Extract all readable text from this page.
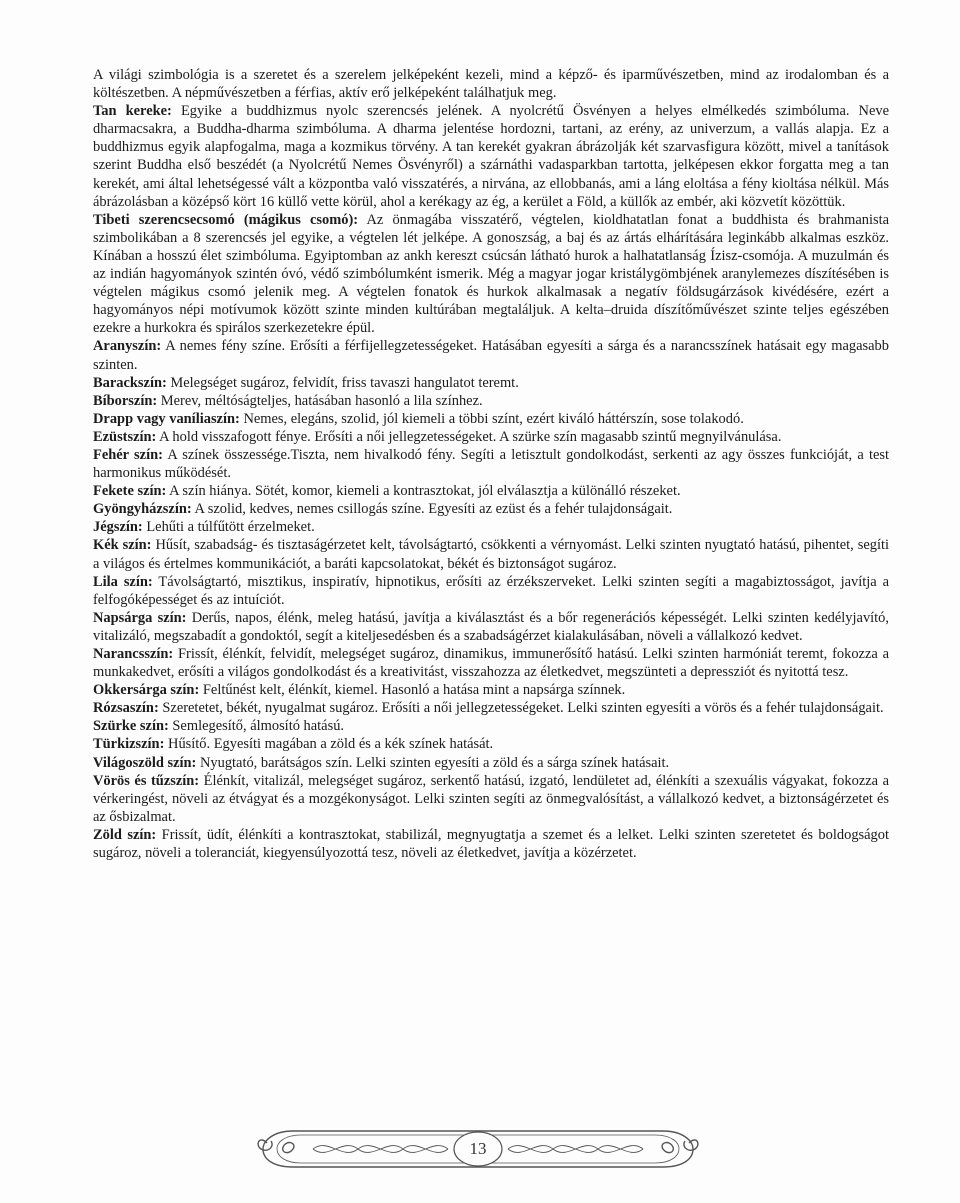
A világi szimbológia is a szeretet és a szerelem jelképeként kezeli, mind a képző- és iparművészetben, mind az irodalomban és a költészetben. A népművészetben a férfias, aktív erő jelképeként találhatjuk meg.

Tan kereke: Egyike a buddhizmus nyolc szerencsés jelének. A nyolcrétű Ösvényen a helyes elmélkedés szimbóluma. Neve dharmacsakra, a Buddha-dharma szimbóluma. A dharma jelentése hordozni, tartani, az erény, az univerzum, a vallás alapja. Ez a buddhizmus egyik alapfogalma, maga a kozmikus törvény. A tan kerekét gyakran ábrázolják két szarvasfigura között, mivel a tanítások szerint Buddha első beszédét (a Nyolcrétű Nemes Ösvényről) a szárnáthi vadasparkban tartotta, jelképesen ekkor forgatta meg a tan kerekét, ami által lehetségessé vált a központba való visszatérés, a nirvána, az ellobbanás, ami a láng eloltása a fény kioltása nélkül. Más ábrázolásban a középső kört 16 küllő vette körül, ahol a kerékagy az ég, a kerület a Föld, a küllők az embér, aki közvetít közöttük.

Tibeti szerencsecsomó (mágikus csomó): Az önmagába visszatérő, végtelen, kioldhatatlan fonat a buddhista és brahmanista szimbolikában a 8 szerencsés jel egyike, a végtelen lét jelképe. A gonoszság, a baj és az ártás elhárítására leginkább alkalmas eszköz. Kínában a hosszú élet szimbóluma. Egyiptomban az ankh kereszt csúcsán látható hurok a halhatatlanság Ízisz-csomója. A muzulmán és az indián hagyományok szintén óvó, védő szimbólumként ismerik. Még a magyar jogar kristálygömbjének aranylemezes díszítésében is végtelen mágikus csomó jelenik meg. A végtelen fonatok és hurkok alkalmasak a negatív földsugárzások kivédésére, ezért a hagyományos népi motívumok között szinte minden kultúrában megtaláljuk. A kelta–druida díszítőművészet szinte teljes egészében ezekre a hurkokra és spirálos szerkezetekre épül.

Aranyszín: A nemes fény színe. Erősíti a férfijellegzetességeket. Hatásában egyesíti a sárga és a narancsszínek hatásait egy magasabb szinten.

Barackszín: Melegséget sugároz, felvidít, friss tavaszi hangulatot teremt.

Bíborszín: Merev, méltóságteljes, hatásában hasonló a lila színhez.

Drapp vagy vaníliaszín: Nemes, elegáns, szolid, jól kiemeli a többi színt, ezért kiváló háttérszín, sose tolakodó.

Ezüstszín: A hold visszafogott fénye. Erősíti a női jellegzetességeket. A szürke szín magasabb szintű megnyilvánulása.

Fehér szín: A színek összessége.Tiszta, nem hivalkodó fény. Segíti a letisztult gondolkodást, serkenti az agy összes funkcióját, a test harmonikus működését.

Fekete szín: A szín hiánya. Sötét, komor, kiemeli a kontrasztokat, jól elválasztja a különálló részeket.

Gyöngyházszín: A szolid, kedves, nemes csillogás színe. Egyesíti az ezüst és a fehér tulajdonságait.

Jégszín: Lehűti a túlfűtött érzelmeket.

Kék szín: Hűsít, szabadság- és tisztaságérzetet kelt, távolságtartó, csökkenti a vérnyomást. Lelki szinten nyugtató hatású, pihentet, segíti a világos és értelmes kommunikációt, a baráti kapcsolatokat, békét és biztonságot sugároz.

Lila szín: Távolságtartó, misztikus, inspiratív, hipnotikus, erősíti az érzékszerveket. Lelki szinten segíti a magabiztosságot, javítja a felfogóképességet és az intuíciót.

Napsárga szín: Derűs, napos, élénk, meleg hatású, javítja a kiválasztást és a bőr regenerációs képességét. Lelki szinten kedélyjavító, vitalizáló, megszabadít a gondoktól, segít a kiteljesedésben és a szabadságérzet kialakulásában, növeli a vállalkozó kedvet.

Narancsszín: Frissít, élénkít, felvidít, melegséget sugároz, dinamikus, immunerősítő hatású. Lelki szinten harmóniát teremt, fokozza a munkakedvet, erősíti a világos gondolkodást és a kreativitást, visszahozza az életkedvet, megszünteti a depressziót és nyitottá tesz.

Okkersárga szín: Feltűnést kelt, élénkít, kiemel. Hasonló a hatása mint a napsárga színnek.

Rózsaszín: Szeretetet, békét, nyugalmat sugároz. Erősíti a női jellegzetességeket. Lelki szinten egyesíti a vörös és a fehér tulajdonságait.

Szürke szín: Semlegesítő, álmosító hatású.

Türkizszín: Hűsítő. Egyesíti magában a zöld és a kék színek hatását.

Világoszöld szín: Nyugtató, barátságos szín. Lelki szinten egyesíti a zöld és a sárga színek hatásait.

Vörös és tűzszín: Élénkít, vitalizál, melegséget sugároz, serkentő hatású, izgató, lendületet ad, élénkíti a szexuális vágyakat, fokozza a vérkeringést, növeli az étvágyat és a mozgékonyságot. Lelki szinten segíti az önmegvalósítást, a vállalkozó kedvet, a biztonságérzetet és az ősbizalmat.

Zöld szín: Frissít, üdít, élénkíti a kontrasztokat, stabilizál, megnyugtatja a szemet és a lelket. Lelki szinten szeretetet és boldogságot sugároz, növeli a toleranciát, kiegyensúlyozottá tesz, növeli az életkedvet, javítja a közérzetet.

13
